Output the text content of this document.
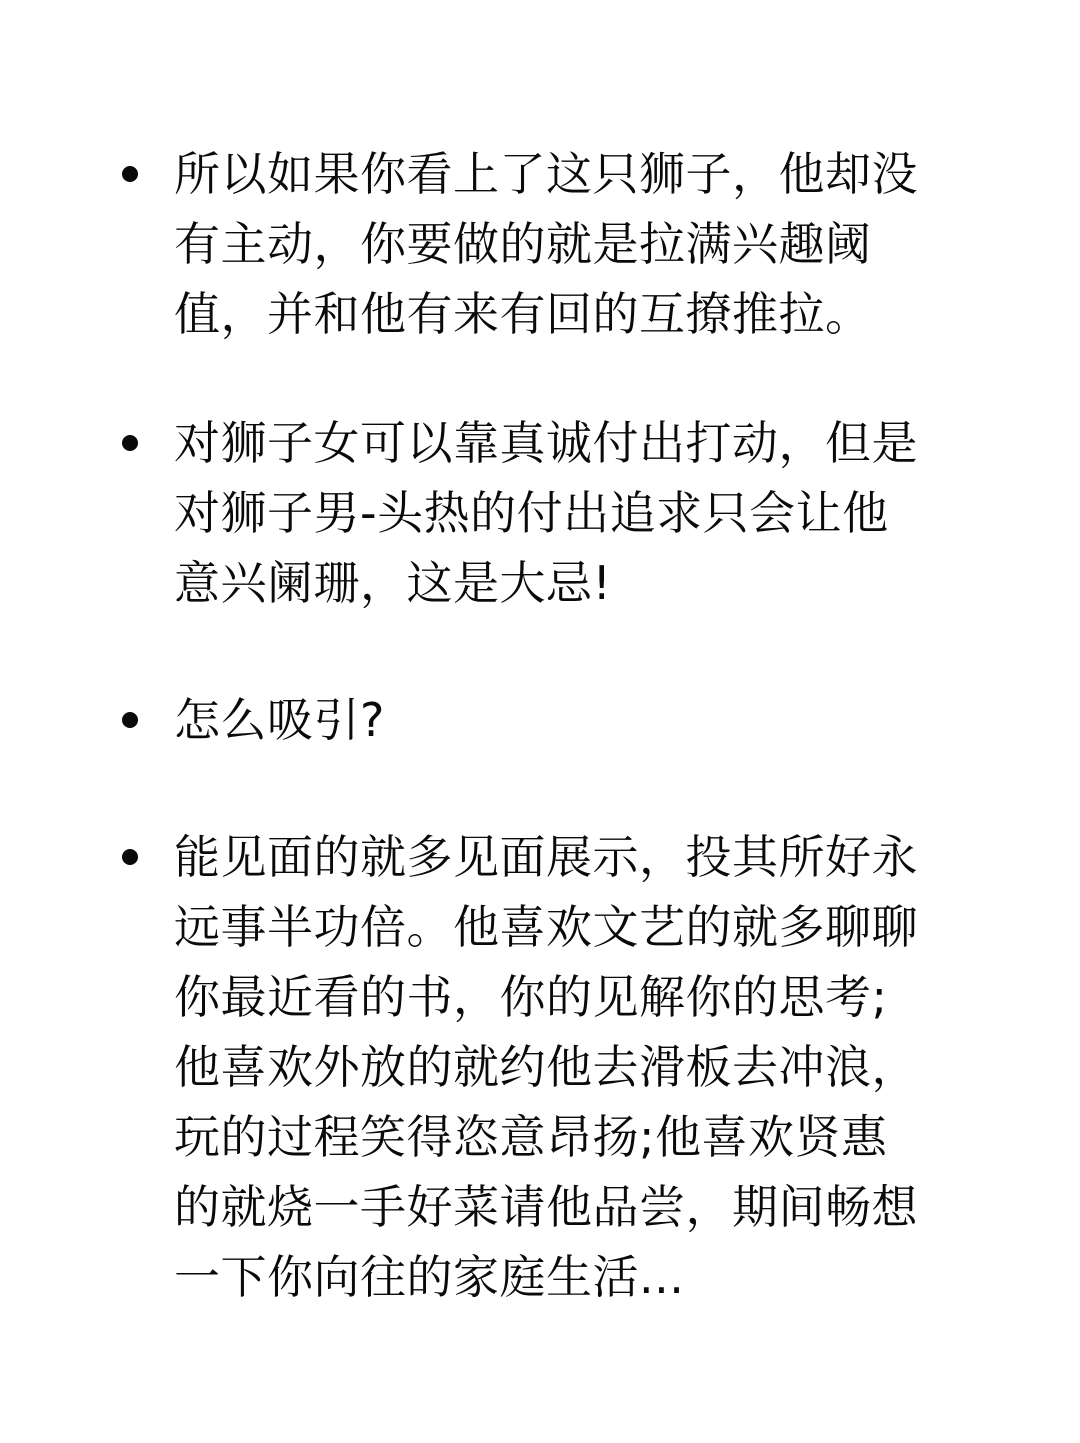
所以如果你看上了这只狮子，他却没
有主动，你要做的就是拉满兴趣阈
值，并和他有来有回的互撩推拉。

对狮子女可以靠真诚付出打动，但是
对狮子男-头热的付出追求只会让他
意兴阑珊，这是大忌!

怎么吸引?

能见面的就多见面展示，投其所好永
远事半功倍。他喜欢文艺的就多聊聊
你最近看的书，你的见解你的思考;
他喜欢外放的就约他去滑板去冲浪，
玩的过程笑得恣意昂扬;他喜欢贤惠
的就烧一手好菜请他品尝，期间畅想
一下你向往的家庭生活...
